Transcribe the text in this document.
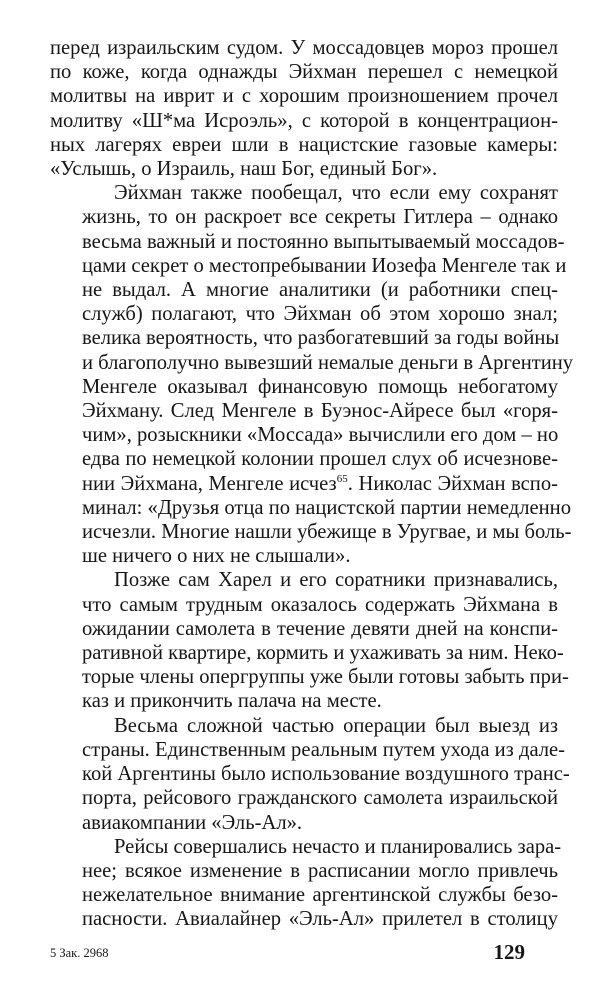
перед израильским судом. У моссадовцев мороз прошел
по коже, когда однажды Эйхман перешел с немецкой
молитвы на иврит и с хорошим произношением прочел
молитву «Ш*ма Исроэль», с которой в концентрацион-
ных лагерях евреи шли в нацистские газовые камеры:
«Услышь, о Израиль, наш Бог, единый Бог».

Эйхман также пообещал, что если ему сохранят
жизнь, то он раскроет все секреты Гитлера – однако
весьма важный и постоянно выпытываемый моссадов-
цами секрет о местопребывании Иозефа Менгеле так и
не выдал. А многие аналитики (и работники спец-
служб) полагают, что Эйхман об этом хорошо знал;
велика вероятность, что разбогатевший за годы войны
и благополучно вывезший немалые деньги в Аргентину
Менгеле оказывал финансовую помощь небогатому
Эйхману. След Менгеле в Буэнос-Айресе был «горя-
чим», розыскники «Моссада» вычислили его дом – но
едва по немецкой колонии прошел слух об исчезнове-
нии Эйхмана, Менгеле исчез$^{65}$. Николас Эйхман вспо-
минал: «Друзья отца по нацистской партии немедленно
исчезли. Многие нашли убежище в Уругвае, и мы боль-
ше ничего о них не слышали».

Позже сам Харел и его соратники признавались,
что самым трудным оказалось содержать Эйхмана в
ожидании самолета в течение девяти дней на конспи-
ративной квартире, кормить и ухаживать за ним. Неко-
торые члены опергруппы уже были готовы забыть при-
каз и прикончить палача на месте.

Весьма сложной частью операции был выезд из
страны. Единственным реальным путем ухода из дале-
кой Аргентины было использование воздушного транс-
порта, рейсового гражданского самолета израильской
авиакомпании «Эль-Ал».

Рейсы совершались нечасто и планировались зара-
нее; всякое изменение в расписании могло привлечь
нежелательное внимание аргентинской службы безо-
пасности. Авиалайнер «Эль-Ал» прилетел в столицу

5 Зак. 2968	129
